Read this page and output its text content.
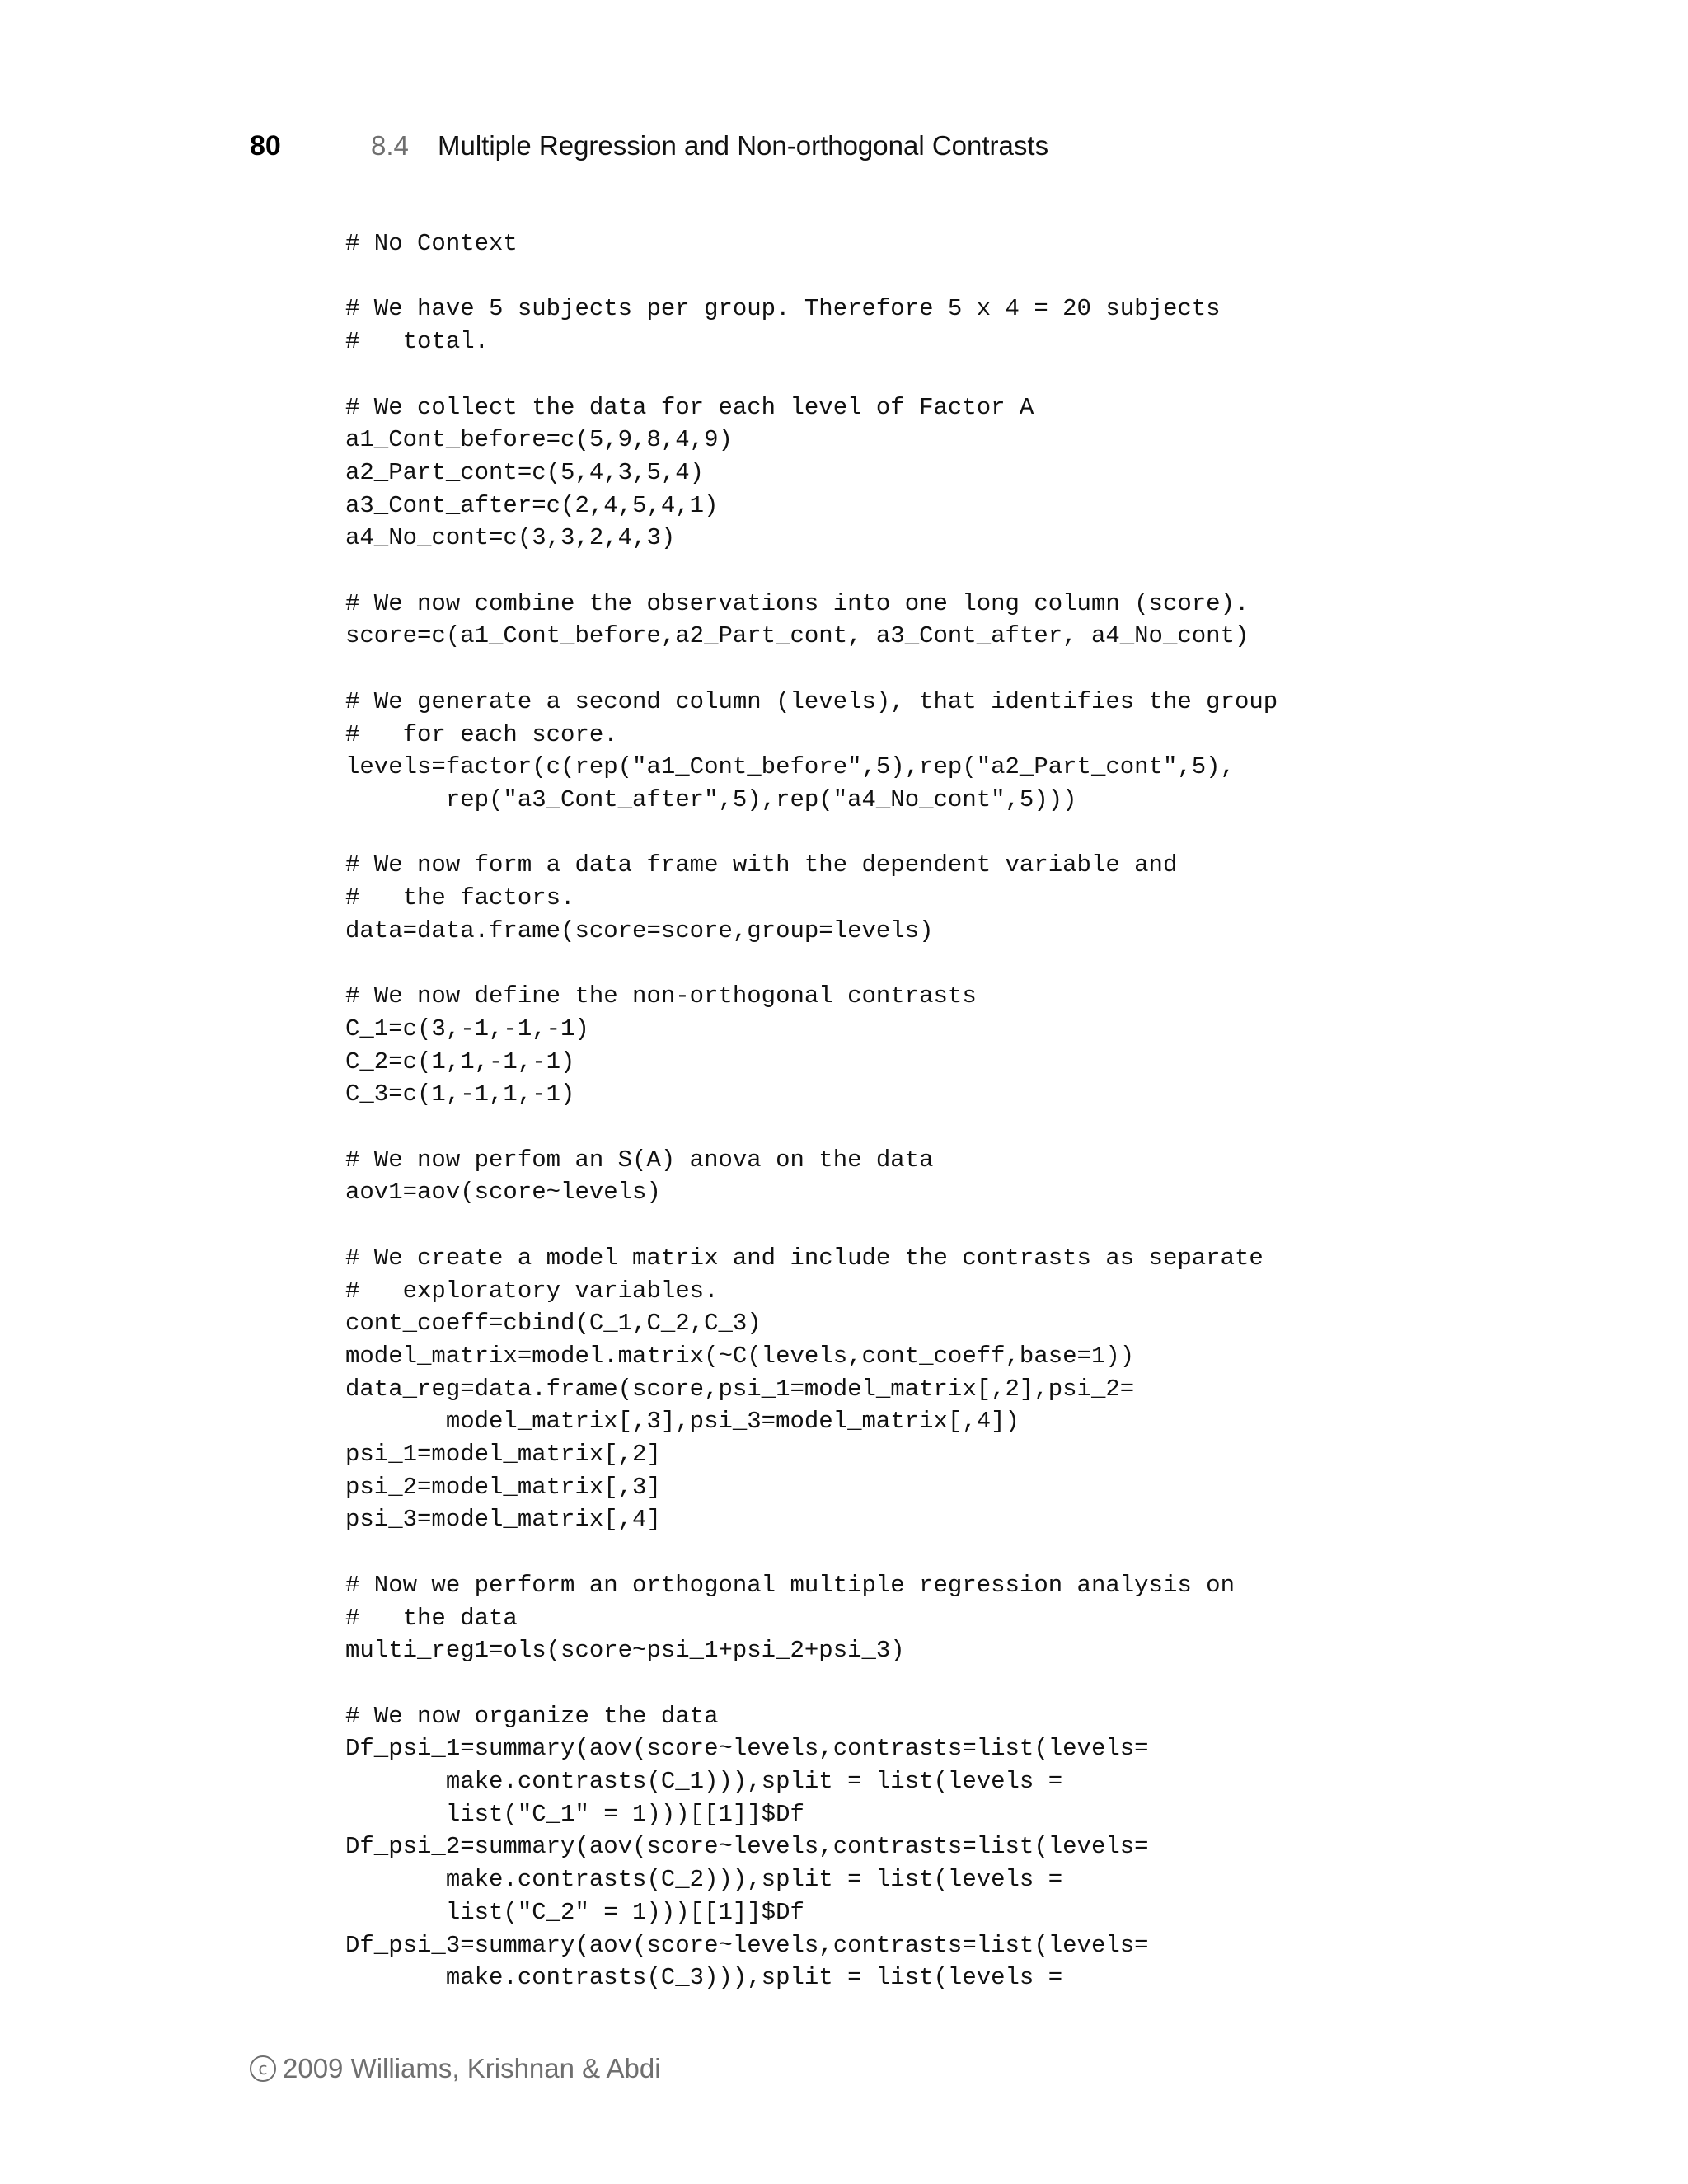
80	8.4 Multiple Regression and Non-orthogonal Contrasts
# No Context

# We have 5 subjects per group. Therefore 5 x 4 = 20 subjects
#   total.

# We collect the data for each level of Factor A
a1_Cont_before=c(5,9,8,4,9)
a2_Part_cont=c(5,4,3,5,4)
a3_Cont_after=c(2,4,5,4,1)
a4_No_cont=c(3,3,2,4,3)

# We now combine the observations into one long column (score).
score=c(a1_Cont_before,a2_Part_cont, a3_Cont_after, a4_No_cont)

# We generate a second column (levels), that identifies the group
#   for each score.
levels=factor(c(rep("a1_Cont_before",5),rep("a2_Part_cont",5),
rep("a3_Cont_after",5),rep("a4_No_cont",5)))

# We now form a data frame with the dependent variable and
#   the factors.
data=data.frame(score=score,group=levels)

# We now define the non-orthogonal contrasts
C_1=c(3,-1,-1,-1)
C_2=c(1,1,-1,-1)
C_3=c(1,-1,1,-1)

# We now perfom an S(A) anova on the data
aov1=aov(score~levels)

# We create a model matrix and include the contrasts as separate
#   exploratory variables.
cont_coeff=cbind(C_1,C_2,C_3)
model_matrix=model.matrix(~C(levels,cont_coeff,base=1))
data_reg=data.frame(score,psi_1=model_matrix[,2],psi_2=
model_matrix[,3],psi_3=model_matrix[,4])
psi_1=model_matrix[,2]
psi_2=model_matrix[,3]
psi_3=model_matrix[,4]

# Now we perform an orthogonal multiple regression analysis on
#   the data
multi_reg1=ols(score~psi_1+psi_2+psi_3)

# We now organize the data
Df_psi_1=summary(aov(score~levels,contrasts=list(levels=
make.contrasts(C_1))),split = list(levels =
list("C_1" = 1)))[[1]]$Df
Df_psi_2=summary(aov(score~levels,contrasts=list(levels=
make.contrasts(C_2))),split = list(levels =
list("C_2" = 1)))[[1]]$Df
Df_psi_3=summary(aov(score~levels,contrasts=list(levels=
make.contrasts(C_3))),split = list(levels =
c 2009 Williams, Krishnan & Abdi
